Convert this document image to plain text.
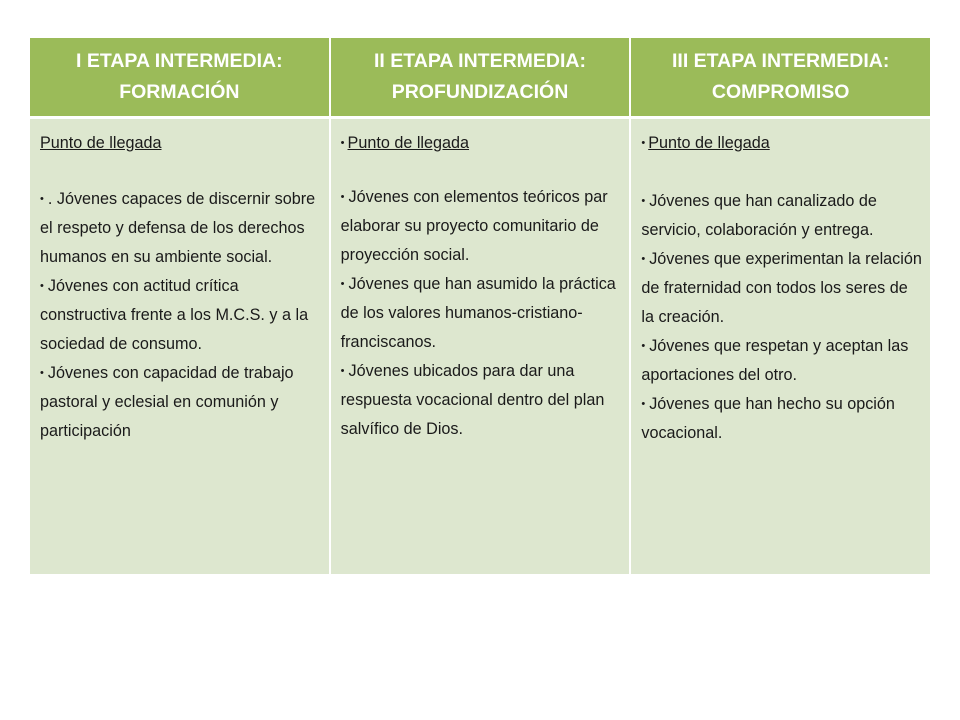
I ETAPA INTERMEDIA: FORMACIÓN
II ETAPA INTERMEDIA: PROFUNDIZACIÓN
III ETAPA INTERMEDIA: COMPROMISO

Punto de llegada

• . Jóvenes capaces de discernir sobre el respeto y defensa de los derechos humanos en su ambiente social.
• Jóvenes con actitud crítica constructiva frente a los M.C.S. y a la sociedad de consumo.
• Jóvenes con capacidad de trabajo pastoral y eclesial en comunión y participación

• Punto de llegada

• Jóvenes con elementos teóricos par elaborar su proyecto comunitario de proyección social.
• Jóvenes que han asumido la práctica de los valores humanos-cristiano-franciscanos.
• Jóvenes ubicados para dar una respuesta vocacional dentro del plan salvífico de Dios.

• Punto de llegada

• Jóvenes que han canalizado de servicio, colaboración y entrega.
• Jóvenes que experimentan la relación de fraternidad con todos los seres de la creación.
• Jóvenes que respetan y aceptan las aportaciones del otro.
• Jóvenes que han hecho su opción vocacional.
